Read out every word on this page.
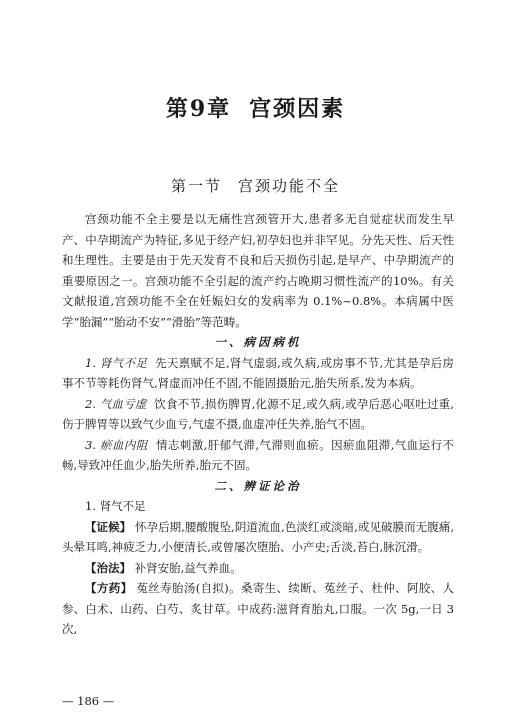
第9章 宫颈因素
第一节 宫颈功能不全

宫颈功能不全主要是以无痛性宫颈管开大,患者多无自觉症状而发生早产、中孕期流产为特征,多见于经产妇,初孕妇也并非罕见。分先天性、后天性和生理性。主要是由于先天发育不良和后天损伤引起,是早产、中孕期流产的重要原因之一。宫颈功能不全引起的流产约占晚期习惯性流产的10%。有关文献报道,宫颈功能不全在妊娠妇女的发病率为 0.1%~0.8%。本病属中医学“胎漏”“胎动不安”“滑胎”等范畴。

一、病因病机

1. 肾气不足 先天禀赋不足,肾气虚弱,或久病,或房事不节,尤其是孕后房事不节等耗伤肾气,肾虚而冲任不固,不能固摄胎元,胎失所系,发为本病。

2. 气血亏虚 饮食不节,损伤脾胃,化源不足,或久病,或孕后恶心呕吐过重,伤于脾胃等以致气少血亏,气虚不摄,血虚冲任失养,胎气不固。

3. 瘀血内阻 情志刺激,肝郁气滞,气滞则血瘀。因瘀血阻滞,气血运行不畅,导致冲任血少,胎失所养,胎元不固。

二、辨证论治

1. 肾气不足

【证候】 怀孕后期,腰酸腹坠,阴道流血,色淡红或淡暗,或见破膜而无腹痛,头晕耳鸣,神疲乏力,小便清长,或曾屡次堕胎、小产史;舌淡,苔白,脉沉滑。

【治法】 补肾安胎,益气养血。

【方药】 菟丝寿胎汤(自拟)。桑寄生、续断、菟丝子、杜仲、阿胶、人参、白术、山药、白芍、炙甘草。中成药:滋肾育胎丸,口服。一次 5g,一日 3 次,

— 186 —
